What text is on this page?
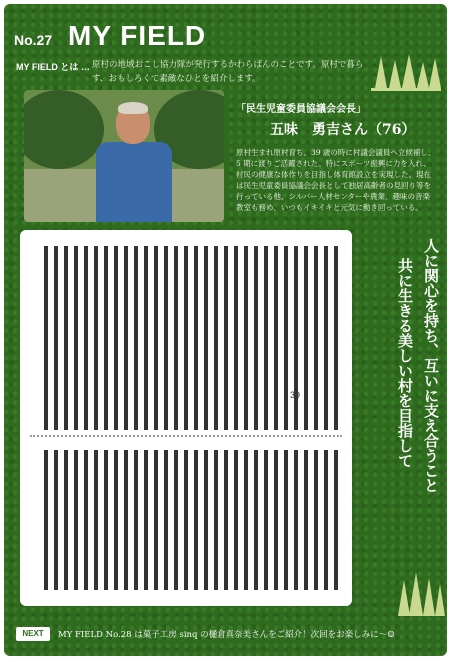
No.27 MY FIELD
MY FIELD とは … 原村の地域おこし協力隊が発行するかわらばんのことです。原村で暮らす、おもしろくて素敵なひとを紹介します。
「民生児童委員協議会会長」
五味　勇吉さん（76）
原村生まれ原村育ち。39 歳の時に村議会議員へ立候補し、5 期に渡りご活躍された。特にスポーツ振興に力を入れ、村民の健康な体作りを目指し体育館設立を実現した。現在は民生児童委員協議会会長として独居高齢者の見回り等を行っている他、シルバー人材センターや農業、趣味の音楽教室も務め、いつもイキイキと元気に動き回っている。
39	人に関心を持ち、互いに支え合うこと
共に生きる美しい村を目指して
NEXT	MY FIELD No.28 は菓子工房 sinq の樋倉真奈美さんをご紹介！次回をお楽しみに〜☺
